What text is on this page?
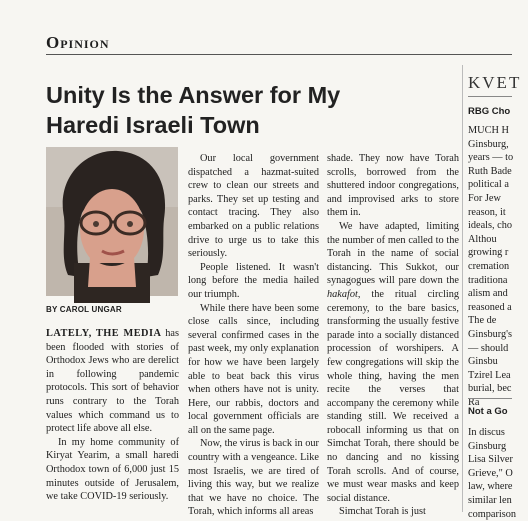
Opinion
Unity Is the Answer for My Haredi Israeli Town
BY CAROL UNGAR

LATELY, THE MEDIA has been flooded with stories of Orthodox Jews who are derelict in following pandemic protocols. This sort of behavior runs contrary to the Torah values which command us to protect life above all else.

In my home community of Kiryat Yearim, a small haredi Orthodox town of 6,000 just 15 minutes outside of Jerusalem, we take COVID-19 seriously.

Our local government dispatched a hazmat-suited crew to clean our streets and parks. They set up testing and contact tracing. They also embarked on a public relations drive to urge us to take this seriously.

People listened. It wasn't long before the media hailed our triumph.

While there have been some close calls since, including several confirmed cases in the past week, my only explanation for how we have been largely able to beat back this virus when others have not is unity. Here, our rabbis, doctors and local government officials are all on the same page.

Now, the virus is back in our country with a vengeance. Like most Israelis, we are tired of living this way, but we realize that we have no choice. The Torah, which informs all areas

shade. They now have Torah scrolls, borrowed from the shuttered indoor congregations, and improvised arks to store them in.

We have adapted, limiting the number of men called to the Torah in the name of social distancing. This Sukkot, our synagogues will pare down the hakafot, the ritual circling ceremony, to the bare basics, transforming the usually festive parade into a socially distanced procession of worshipers. A few congregations will skip the whole thing, having the men recite the verses that accompany the ceremony while standing still. We received a robocall informing us that on Simchat Torah, there should be no dancing and no kissing Torah scrolls. And of course, we must wear masks and keep social distance.

Simchat Torah is just

KVET
RBG Cho
MUCH H
Ginsburg,
years — to
Ruth Bade
political a
For Jew
reason, it
ideals, cho
Althou
growing r
cremation
traditiona
alism and
reasoned a
The de
Ginsburg's
— should
Ginsbu
Tzirel Lea
burial, bec
Ra
Not a Go
In discus
Ginsburg
Lisa Silver
Grieve," O
law, where
similar len
comparison
